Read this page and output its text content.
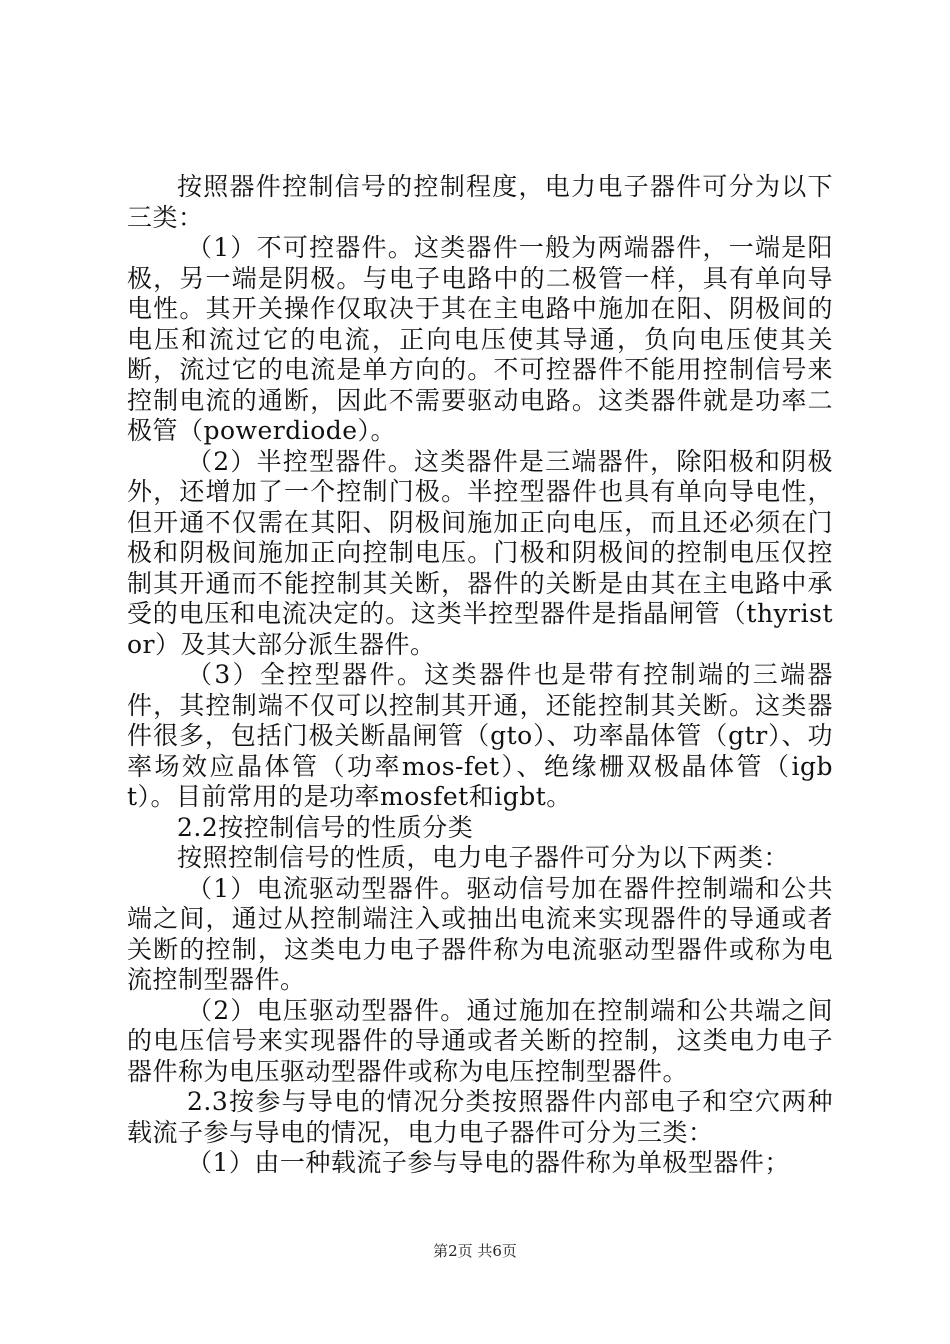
按照器件控制信号的控制程度，电力电子器件可分为以下三类：

（1）不可控器件。这类器件一般为两端器件，一端是阳极，另一端是阴极。与电子电路中的二极管一样，具有单向导电性。其开关操作仅取决于其在主电路中施加在阳、阴极间的电压和流过它的电流，正向电压使其导通，负向电压使其关断，流过它的电流是单方向的。不可控器件不能用控制信号来控制电流的通断，因此不需要驱动电路。这类器件就是功率二极管（powerdiode）。

（2）半控型器件。这类器件是三端器件，除阳极和阴极外，还增加了一个控制门极。半控型器件也具有单向导电性，但开通不仅需在其阳、阴极间施加正向电压，而且还必须在门极和阴极间施加正向控制电压。门极和阴极间的控制电压仅控制其开通而不能控制其关断，器件的关断是由其在主电路中承受的电压和电流决定的。这类半控型器件是指晶闸管（thyristor）及其大部分派生器件。

（3）全控型器件。这类器件也是带有控制端的三端器件，其控制端不仅可以控制其开通，还能控制其关断。这类器件很多，包括门极关断晶闸管（gto）、功率晶体管（gtr）、功率场效应晶体管（功率mos-fet）、绝缘栅双极晶体管（igbt）。目前常用的是功率mosfet和igbt。

2.2按控制信号的性质分类

按照控制信号的性质，电力电子器件可分为以下两类：

（1）电流驱动型器件。驱动信号加在器件控制端和公共端之间，通过从控制端注入或抽出电流来实现器件的导通或者关断的控制，这类电力电子器件称为电流驱动型器件或称为电流控制型器件。

（2）电压驱动型器件。通过施加在控制端和公共端之间的电压信号来实现器件的导通或者关断的控制，这类电力电子器件称为电压驱动型器件或称为电压控制型器件。

2.3按参与导电的情况分类按照器件内部电子和空穴两种载流子参与导电的情况，电力电子器件可分为三类：

（1）由一种载流子参与导电的器件称为单极型器件；

第2页 共6页
